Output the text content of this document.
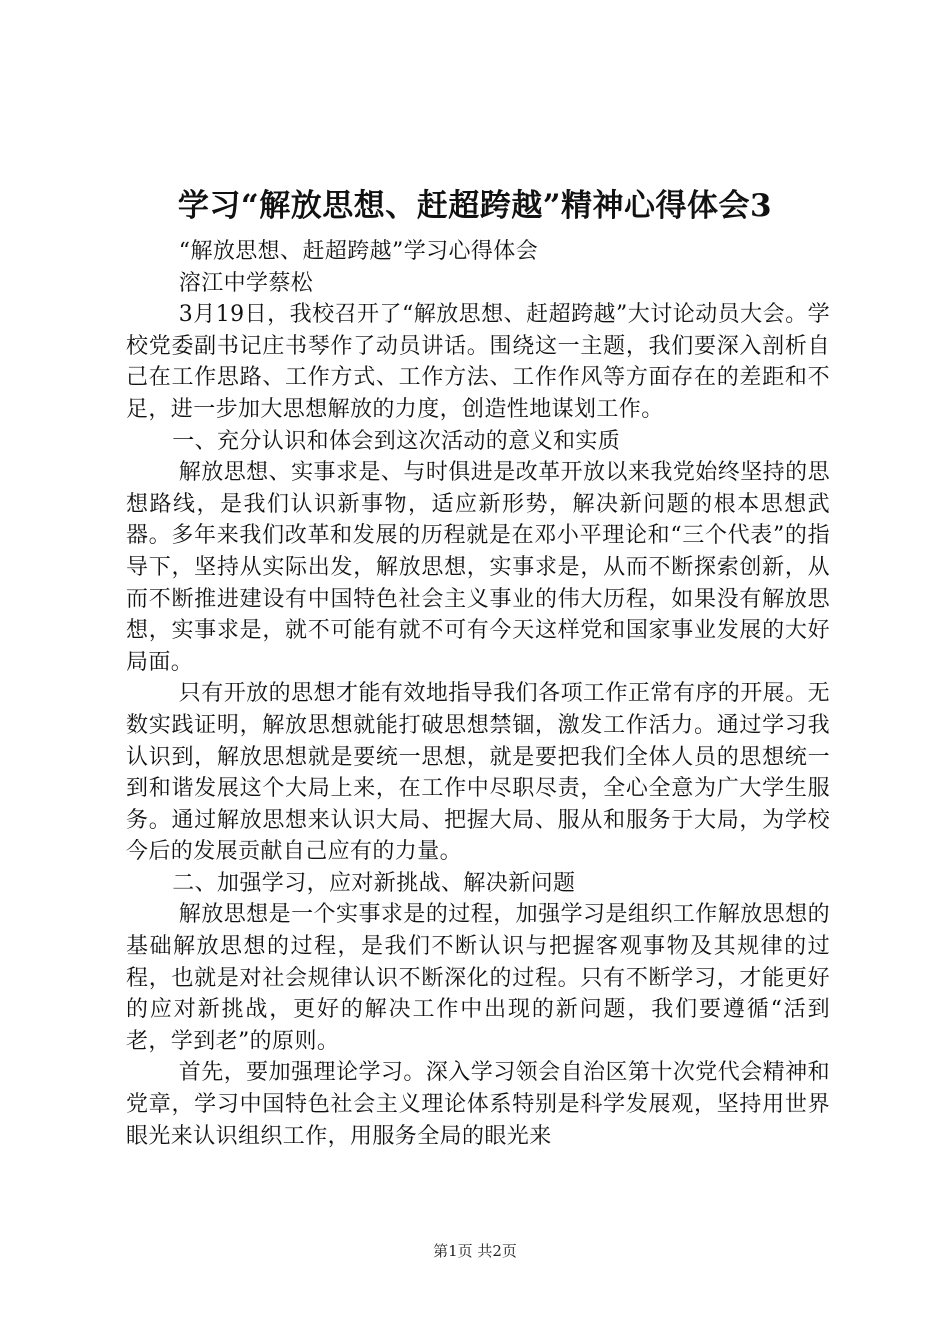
学习“解放思想、赶超跨越”精神心得体会3

“解放思想、赶超跨越”学习心得体会

溶江中学蔡松

3月19日，我校召开了“解放思想、赶超跨越”大讨论动员大会。学校党委副书记庄书琴作了动员讲话。围绕这一主题，我们要深入剖析自己在工作思路、工作方式、工作方法、工作作风等方面存在的差距和不足，进一步加大思想解放的力度，创造性地谋划工作。

一、充分认识和体会到这次活动的意义和实质

解放思想、实事求是、与时俱进是改革开放以来我党始终坚持的思想路线，是我们认识新事物，适应新形势，解决新问题的根本思想武器。多年来我们改革和发展的历程就是在邓小平理论和“三个代表”的指导下，坚持从实际出发，解放思想，实事求是，从而不断探索创新，从而不断推进建设有中国特色社会主义事业的伟大历程，如果没有解放思想，实事求是，就不可能有就不可有今天这样党和国家事业发展的大好局面。

只有开放的思想才能有效地指导我们各项工作正常有序的开展。无数实践证明，解放思想就能打破思想禁锢，激发工作活力。通过学习我认识到，解放思想就是要统一思想，就是要把我们全体人员的思想统一到和谐发展这个大局上来，在工作中尽职尽责，全心全意为广大学生服务。通过解放思想来认识大局、把握大局、服从和服务于大局，为学校今后的发展贡献自己应有的力量。

二、加强学习，应对新挑战、解决新问题

解放思想是一个实事求是的过程，加强学习是组织工作解放思想的基础解放思想的过程，是我们不断认识与把握客观事物及其规律的过程，也就是对社会规律认识不断深化的过程。只有不断学习，才能更好的应对新挑战，更好的解决工作中出现的新问题，我们要遵循“活到老，学到老”的原则。

首先，要加强理论学习。深入学习领会自治区第十次党代会精神和党章，学习中国特色社会主义理论体系特别是科学发展观，坚持用世界眼光来认识组织工作，用服务全局的眼光来

第1页 共2页
